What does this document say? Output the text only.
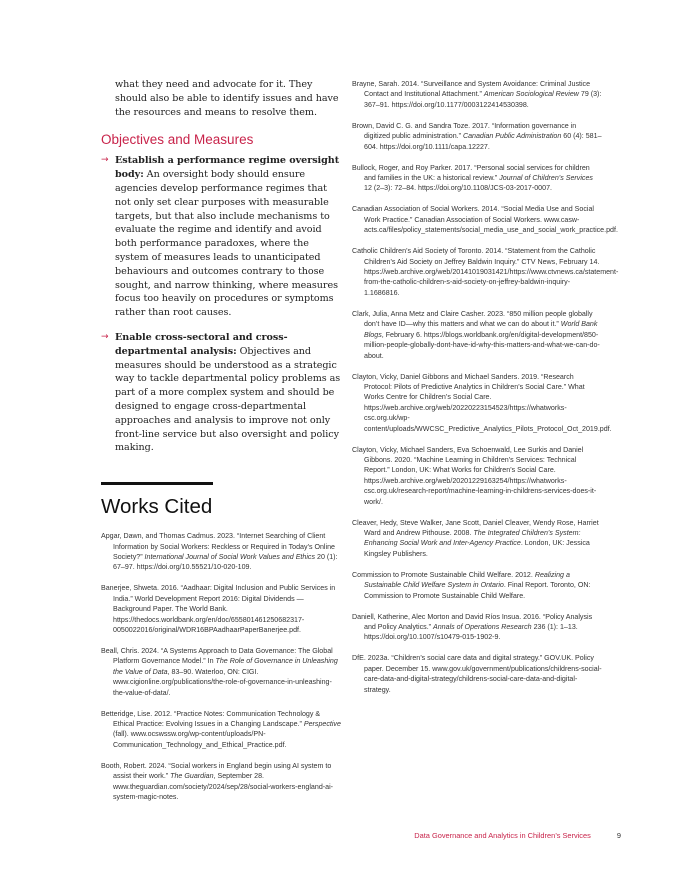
what they need and advocate for it. They should also be able to identify issues and have the resources and means to resolve them.

Objectives and Measures
→ Establish a performance regime oversight body: An oversight body should ensure agencies develop performance regimes that not only set clear purposes with measurable targets, but that also include mechanisms to evaluate the regime and identify and avoid both performance paradoxes, where the system of measures leads to unanticipated behaviours and outcomes contrary to those sought, and narrow thinking, where measures focus too heavily on procedures or symptoms rather than root causes.
→ Enable cross-sectoral and cross-departmental analysis: Objectives and measures should be understood as a strategic way to tackle departmental policy problems as part of a more complex system and should be designed to engage cross-departmental approaches and analysis to improve not only front-line service but also oversight and policy making.
Works Cited

Apgar, Dawn, and Thomas Cadmus. 2023. “Internet Searching of Client Information by Social Workers: Reckless or Required in Today’s Online Society?” International Journal of Social Work Values and Ethics 20 (1): 67–97. https://doi.org/10.55521/10-020-109.

Banerjee, Shweta. 2016. “Aadhaar: Digital Inclusion and Public Services in India.” World Development Report 2016: Digital Dividends — Background Paper. The World Bank. https://thedocs.worldbank.org/en/doc/655801461250682317-0050022016/original/WDR16BPAadhaarPaperBanerjee.pdf.

Beall, Chris. 2024. “A Systems Approach to Data Governance: The Global Platform Governance Model.” In The Role of Governance in Unleashing the Value of Data, 83–90. Waterloo, ON: CIGI. www.cigionline.org/publications/the-role-of-governance-in-unleashing-the-value-of-data/.

Betteridge, Lise. 2012. “Practice Notes: Communication Technology & Ethical Practice: Evolving Issues in a Changing Landscape.” Perspective (fall). www.ocswssw.org/wp-content/uploads/PN-Communication_Technology_and_Ethical_Practice.pdf.

Booth, Robert. 2024. “Social workers in England begin using AI system to assist their work.” The Guardian, September 28. www.theguardian.com/society/2024/sep/28/social-workers-england-ai-system-magic-notes.

Brayne, Sarah. 2014. “Surveillance and System Avoidance: Criminal Justice Contact and Institutional Attachment.” American Sociological Review 79 (3): 367–91. https://doi.org/10.1177/0003122414530398.

Brown, David C. G. and Sandra Toze. 2017. “Information governance in digitized public administration.” Canadian Public Administration 60 (4): 581–604. https://doi.org/10.1111/capa.12227.

Bullock, Roger, and Roy Parker. 2017. “Personal social services for children and families in the UK: a historical review.” Journal of Children’s Services 12 (2–3): 72–84. https://doi.org/10.1108/JCS-03-2017-0007.

Canadian Association of Social Workers. 2014. “Social Media Use and Social Work Practice.” Canadian Association of Social Workers. www.casw-acts.ca/files/policy_statements/social_media_use_and_social_work_practice.pdf.

Catholic Children’s Aid Society of Toronto. 2014. “Statement from the Catholic Children’s Aid Society on Jeffrey Baldwin Inquiry.” CTV News, February 14. https://web.archive.org/web/20141019031421/https://www.ctvnews.ca/statement-from-the-catholic-children-s-aid-society-on-jeffrey-baldwin-inquiry-1.1686816.

Clark, Julia, Anna Metz and Claire Casher. 2023. “850 million people globally don’t have ID—why this matters and what we can do about it.” World Bank Blogs, February 6. https://blogs.worldbank.org/en/digital-development/850-million-people-globally-dont-have-id-why-this-matters-and-what-we-can-do-about.

Clayton, Vicky, Daniel Gibbons and Michael Sanders. 2019. “Research Protocol: Pilots of Predictive Analytics in Children’s Social Care.” What Works Centre for Children’s Social Care. https://web.archive.org/web/20220223154523/https://whatworks-csc.org.uk/wp-content/uploads/WWCSC_Predictive_Analytics_Pilots_Protocol_Oct_2019.pdf.

Clayton, Vicky, Michael Sanders, Eva Schoenwald, Lee Surkis and Daniel Gibbons. 2020. “Machine Learning in Children’s Services: Technical Report.” London, UK: What Works for Children’s Social Care. https://web.archive.org/web/20201229163254/https://whatworks-csc.org.uk/research-report/machine-learning-in-childrens-services-does-it-work/.

Cleaver, Hedy, Steve Walker, Jane Scott, Daniel Cleaver, Wendy Rose, Harriet Ward and Andrew Pithouse. 2008. The Integrated Children’s System: Enhancing Social Work and Inter-Agency Practice. London, UK: Jessica Kingsley Publishers.

Commission to Promote Sustainable Child Welfare. 2012. Realizing a Sustainable Child Welfare System in Ontario. Final Report. Toronto, ON: Commission to Promote Sustainable Child Welfare.

Daniell, Katherine, Alec Morton and David Ríos Insua. 2016. “Policy Analysis and Policy Analytics.” Annals of Operations Research 236 (1): 1–13. https://doi.org/10.1007/s10479-015-1902-9.

DfE. 2023a. “Children’s social care data and digital strategy.” GOV.UK. Policy paper. December 15. www.gov.uk/government/publications/childrens-social-care-data-and-digital-strategy/childrens-social-care-data-and-digital-strategy.

Data Governance and Analytics in Children’s Services	9
